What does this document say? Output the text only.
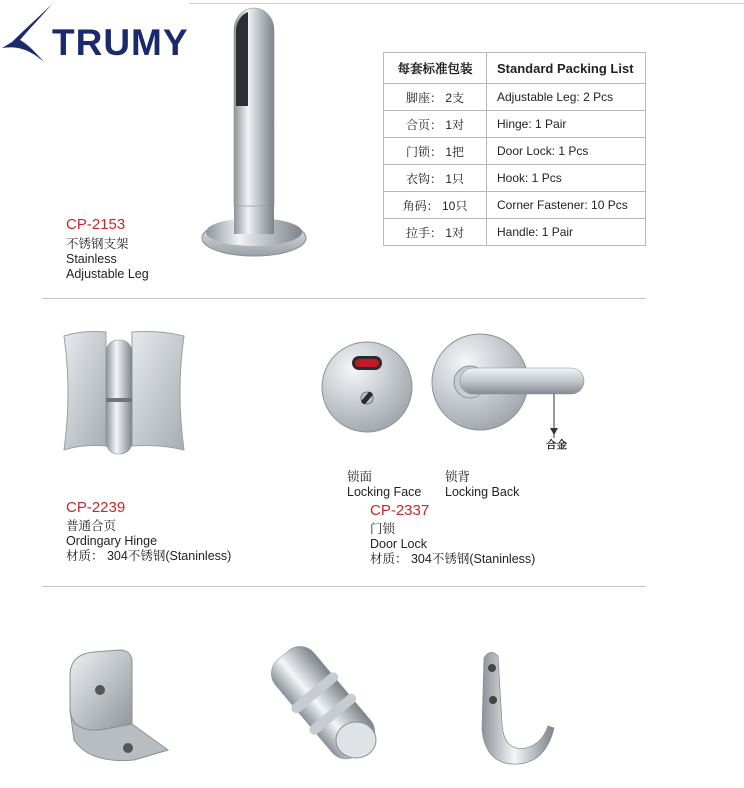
TRUMY
CP-2153
不锈钢支架
Stainless
Adjustable Leg
每套标准包装	Standard Packing List
脚座： 2支	Adjustable Leg: 2 Pcs
合页： 1对	Hinge: 1 Pair
门锁： 1把	Door Lock: 1 Pcs
衣钩： 1只	Hook: 1 Pcs
角码： 10只	Corner Fastener: 10 Pcs
拉手： 1对	Handle: 1 Pair
CP-2239
普通合页
Ordingary Hinge
材质： 304不锈钢(Staninless)
合金
锁面
Locking Face
锁背
Locking Back
CP-2337
门锁
Door Lock
材质： 304不锈钢(Staninless)
